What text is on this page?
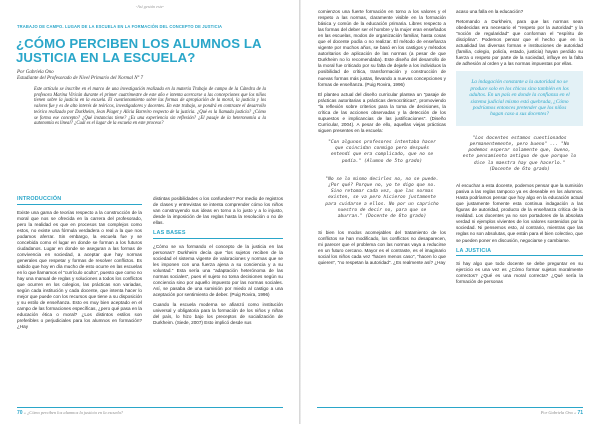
-Así gestán este-
TRABAJO DE CAMPO. LUGAR DE LA ESCUELA EN LA FORMACIÓN DEL CONCEPTO DE JUSTICIA
¿CÓMO PERCIBEN LOS ALUMNOS LA JUSTICIA EN LA ESCUELA?
Por Gabriela Ono
Estudiante del Profesorado de Nivel Primario del Normal Nº 7
Este artículo se inscribe en el marco de una investigación realizada en la materia Trabajo de campo de la Cátedra de la profesora Marina Viricán durante el primer cuatrimestre de este año e intenta acercarse a las concepciones que los niños tienen sobre la justicia en la escuela. El cuestionamiento sobre las formas de apropiación de la moral, la justicia y los valores fue y es de alto interés de teóricos, investigadores y docentes. En este trabajo, se pondrá en contraste el desarrollo teórico realizado por Durkheim, Jean Piaget y Alicia Barreiro respecto de la justicia. ¿Qué es la llamada justicia? ¿Cómo se forma ese concepto? ¿Qué instancias tiene? ¿Es una experiencia sin reflexión? ¿El pasaje de la heteronomía a la autonomía es lineal? ¿Cuál es el lugar de la escuela en este proceso?
INTRODUCCIÓN

Existe una gama de teorías respecto a la construcción de la moral que nos se ofrecida en la carrera del profesorado, pero la realidad es que en procesos tan complejos como estos, no existe una fórmula verdadera o real a la que nos podamos aferrar. Sin embargo, la escuela fue y se concebida como el lugar en donde se forman a los futuros ciudadanos. Lugar en donde se aseguran a las formas de convivencia en sociedad, a aceptar que hay normas generales que respetar y formas de resolver conflictos. Es sabido que hoy en día mucho de esto ocurre en las escuelas en lo que llamamos el "currículo oculto", puesto que como no hay una manual de reglas y soluciones a todos los conflictos que ocurren en los colegios, las prácticas son variadas, según cada institución y cada docente, que intenta hacer lo mejor que puede con los recursos que tiene a su disposición y su estilo de enseñanza. Esto es muy bien aceptado en el campo de las formaciones específicas, ¿pero qué pasa en la educación ética o moral? ¿Los distintos estilos son preferibles o perjudiciales para los alumnos en formación? ¿Hay

distintas posibilidades o los confunden? Por medio de registros de clases y entrevistas se intenta comprender cómo los niños van construyendo sus ideas en torno a lo justo y a lo injusto, desde la imposición de las reglas hasta la resolución o no de ellas.

LAS BASES

¿Cómo se va formando el concepto de la justicia en las personas? Durkheim decía que "los sujetos reciben de la sociedad el sistema vigente de valoraciones y normas que se les imponen con una fuerza ajena a su conciencia y a su voluntad." Esta sería una "adaptación heterónoma de las normas sociales", pues el sujeto no toma decisiones según su conciencia sino por aquello impuesto por las normas sociales. Así, se pasaba de una sumisión por miedo al castigo a una aceptación por sentimiento de deber. (Puig Rovira, 1996)

Cuando la escuela moderna se afianzó como institución universal y obligatoria para la formación de los niños y niñas del país, lo hizo bajo los preceptos de socialización de Durkheim. (Siede, 2007) Esto implicó desde sus

70 » ¿Cómo perciben los alumnos la justicia en la escuela?

comienzos una fuerte formación en torno a los valores y el respeto a las normas, claramente visible en la formación básica y común de la educación primaria. Libres respecto a las formas del deber ser el hombre y la mujer eran enseñados en las escuelas, modos de organización familiar, hasta cosas que el docente podía o no realizar. El método de enseñanza vigente por muchos años, se basó en los castigos y métodos autoritarios de aplicación de las normas (a pesar de que Durkheim no lo recomendaba). Este diseño del desarrollo de la moral fue criticado por su falta de dejarle a los individuos la posibilidad de crítica, transformación y construcción de nuevas formas más justas, llevando a nuevas concepciones y formas de enseñanza. (Puig Rovira, 1996)

El planteo actual del diseño curricular plantea un "pasaje de prácticas autoritarias a prácticas democráticas", promoviendo "la reflexión sobre criterios para la toma de decisiones, la crítica de las acciones observadas y la detección de los supuestos e implicancias de las justificaciones". (Diseño Curricular, 2004). A pesar de ello, aquellas viejas prácticas siguen presentes en la escuela:

"Con algunos profesores intentaba hacer que coincidan conmigo pero después entendí que era complicado, que no se podía." (Alumno de 5to grado)
"No se lo mismo decirles no, no se puede. ¿Por qué? Porque no, yo te digo que no. Sino retomar cada vez, que las normas existen, se va pero hicieron justamente para cuidarse a ellos. No por un capricho nuestro de decir no, para que se aburran." (Docente de 6to grado)

Si bien los modos acomejables del tratamiento de los conflictos se han modificado, los conflictos no desaparecen, mi parecer que el problema con las normas vaya a reducirse en un futuro cercano. Mayor es el contraste, es el imaginario social los niños cada vez "hacen menos caso", "hacen lo que quieren", "no respetan la autoridad". ¿Es realmente así? ¿Hay

acaso una falla en la educación?

Retomando a Durkheim, para que las normas sean obedecidas era necesario el "respeto por la autoridad" y la "noción de regularidad" que conforman el "espíritu de disciplina". Podemos pensar que el hecho que en la actualidad las diversas formas e instituciones de autoridad (familia, colegio, policía, estado, justicia) hayan perdido su fuerza o respeto por parte de la sociedad, influye en la falta de adhesión al orden y a las normas impuestas por ellas.

La indagación constante a la autoridad no se produce solo en los chicos sino también en los adultos. En un país en donde la confianza en el sistema judicial mismo está quebrada, ¿Cómo podríamos entonces pretender que los niños hagan caso a sus docentes?
"Los docentes estamos cuestionados permanentemente, pero bueno" ... "No podemos esperar solamente que, bueno, este pensamiento antiguo de que porque lo dice la maestra hay que hacerlo." (Docente de 6to grado)

Al escuchar a esta docente, podemos pensar que la sumisión pasiva a las reglas tampoco ya es deseable en los alumnos. Hasta podríamos pensar que hoy algo en la educación actual que justamente fomente esta continua indagación a las figuras de autoridad, producto de la enseñanza crítica de la realidad. Los docentes ya no son portadores de la absoluta verdad ni ejemplos vivientes de los valores sostenidos por la sociedad. Ni pensemos esto, al contrario, mientras que las reglas no son absolutas, que están para el bien colectivo, que se pueden poner en discusión, negociarse y cambiarse.

LA JUSTICIA

Si hay algo que todo docente se debe preguntar en su ejercicio es una vez es ¿Cómo formar sujetos moralmente correctos? ¿Qué es una moral correcta? ¿Qué sería la formación de personas

Por Gabriela Ono « 71
